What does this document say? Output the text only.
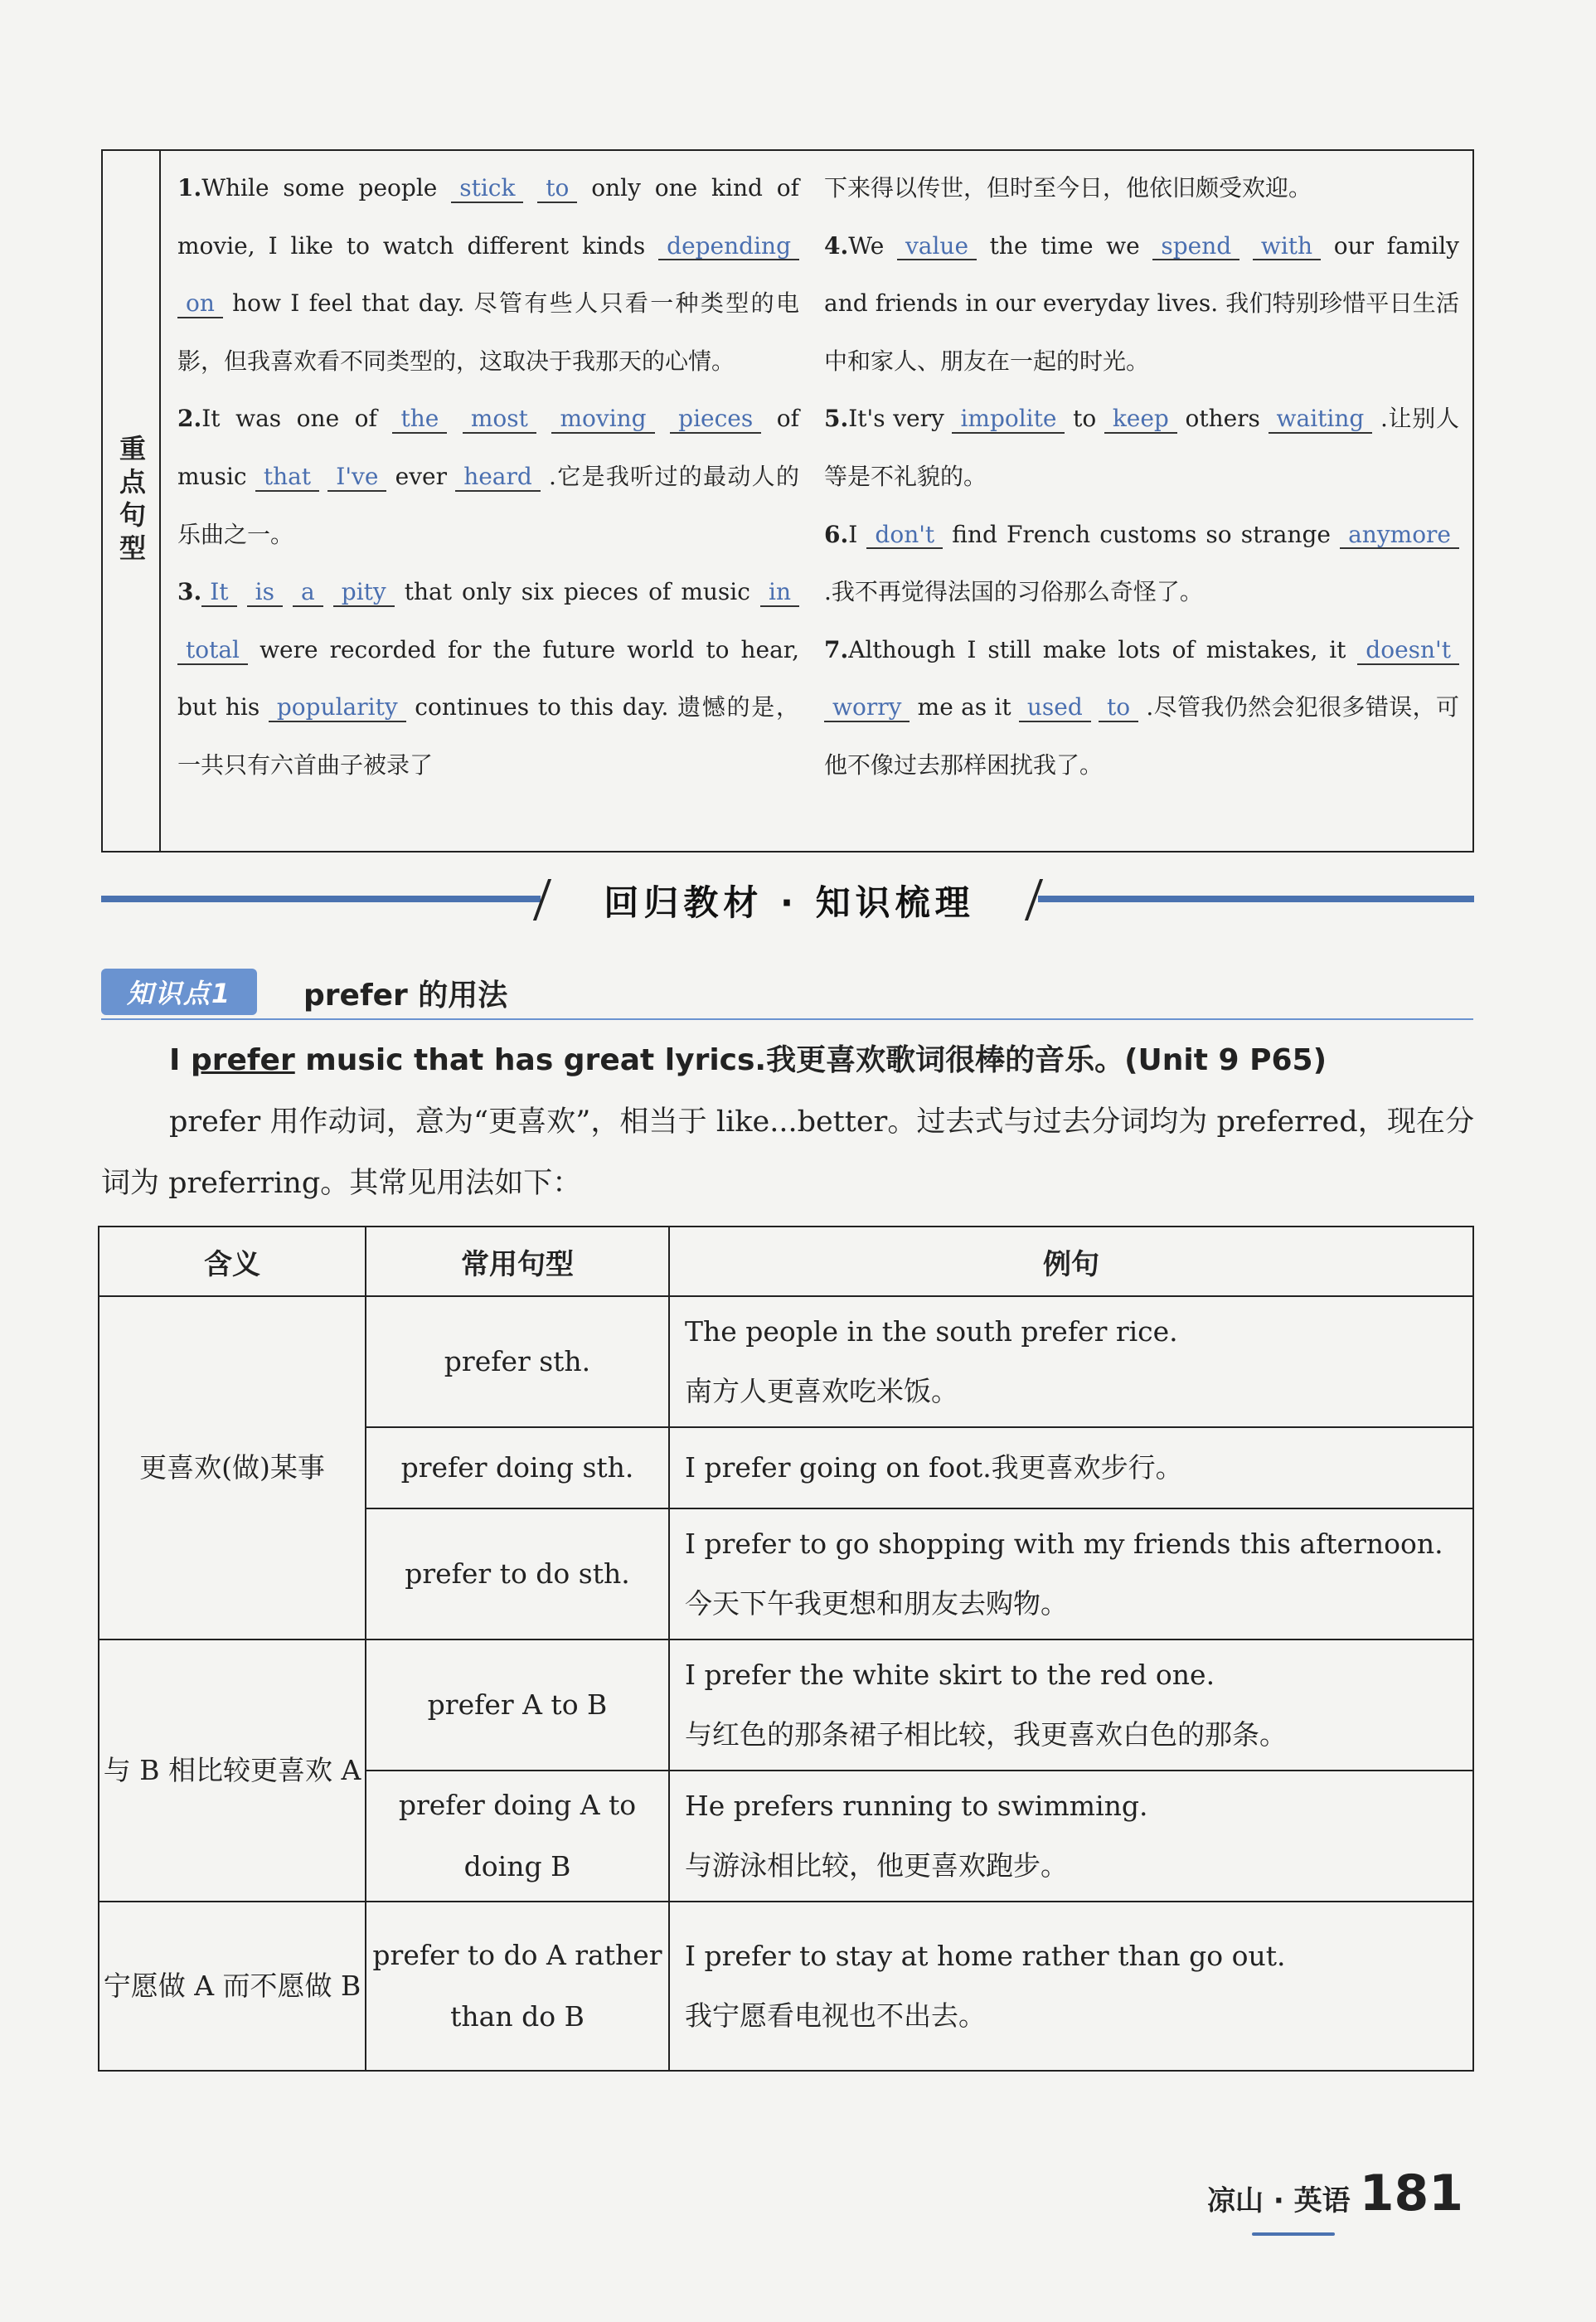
重点句型
1.While some people stick to only one kind of movie, I like to watch different kinds depending on how I feel that day. 尽管有些人只看一种类型的电影，但我喜欢看不同类型的，这取决于我那天的心情。
2.It was one of the most moving pieces of music that I've ever heard .它是我听过的最动人的乐曲之一。
3. It is a pity that only six pieces of music in total were recorded for the future world to hear, but his popularity continues to this day. 遗憾的是，一共只有六首曲子被录了
下来得以传世，但时至今日，他依旧颇受欢迎。
4.We value the time we spend with our family and friends in our everyday lives. 我们特别珍惜平日生活中和家人、朋友在一起的时光。
5.It's very impolite to keep others waiting .让别人等是不礼貌的。
6.I don't find French customs so strange anymore .我不再觉得法国的习俗那么奇怪了。
7.Although I still make lots of mistakes, it doesn't worry me as it used to .尽管我仍然会犯很多错误，可他不像过去那样困扰我了。
回归教材 · 知识梳理
知识点1	prefer 的用法
I prefer music that has great lyrics.我更喜欢歌词很棒的音乐。(Unit 9 P65)
prefer 用作动词，意为“更喜欢”，相当于 like...better。过去式与过去分词均为 preferred，现在分词为 preferring。其常见用法如下：
含义	常用句型	例句
更喜欢(做)某事	prefer sth.	The people in the south prefer rice.
南方人更喜欢吃米饭。

	prefer doing sth.	I prefer going on foot.我更喜欢步行。

	prefer to do sth.	I prefer to go shopping with my friends this afternoon.
今天下午我更想和朋友去购物。

与 B 相比较更喜欢 A	prefer A to B	I prefer the white skirt to the red one.
与红色的那条裙子相比较，我更喜欢白色的那条。

	prefer doing A to doing B	He prefers running to swimming.
与游泳相比较，他更喜欢跑步。

宁愿做 A 而不愿做 B	prefer to do A rather than do B	I prefer to stay at home rather than go out.
我宁愿看电视也不出去。
凉山 · 英语 181
